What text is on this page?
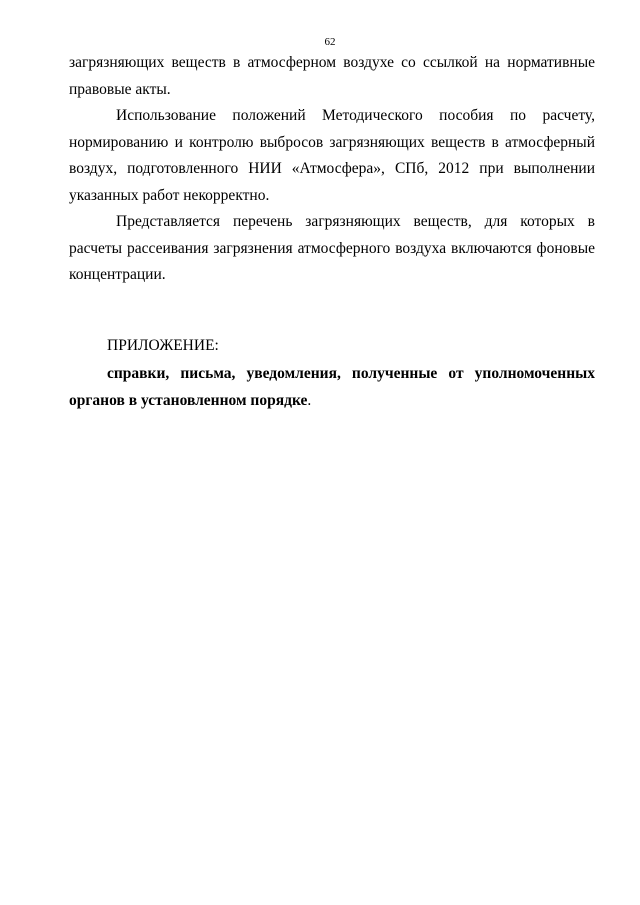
62

загрязняющих веществ в атмосферном воздухе со ссылкой на нормативные правовые акты.

Использование положений Методического пособия по расчету, нормированию и контролю выбросов загрязняющих веществ в атмосферный воздух, подготовленного НИИ «Атмосфера», СПб, 2012 при выполнении указанных работ некорректно.

Представляется перечень загрязняющих веществ, для которых в расчеты рассеивания загрязнения атмосферного воздуха включаются фоновые концентрации.

ПРИЛОЖЕНИЕ:

справки, письма, уведомления, полученные от уполномоченных органов в установленном порядке.
